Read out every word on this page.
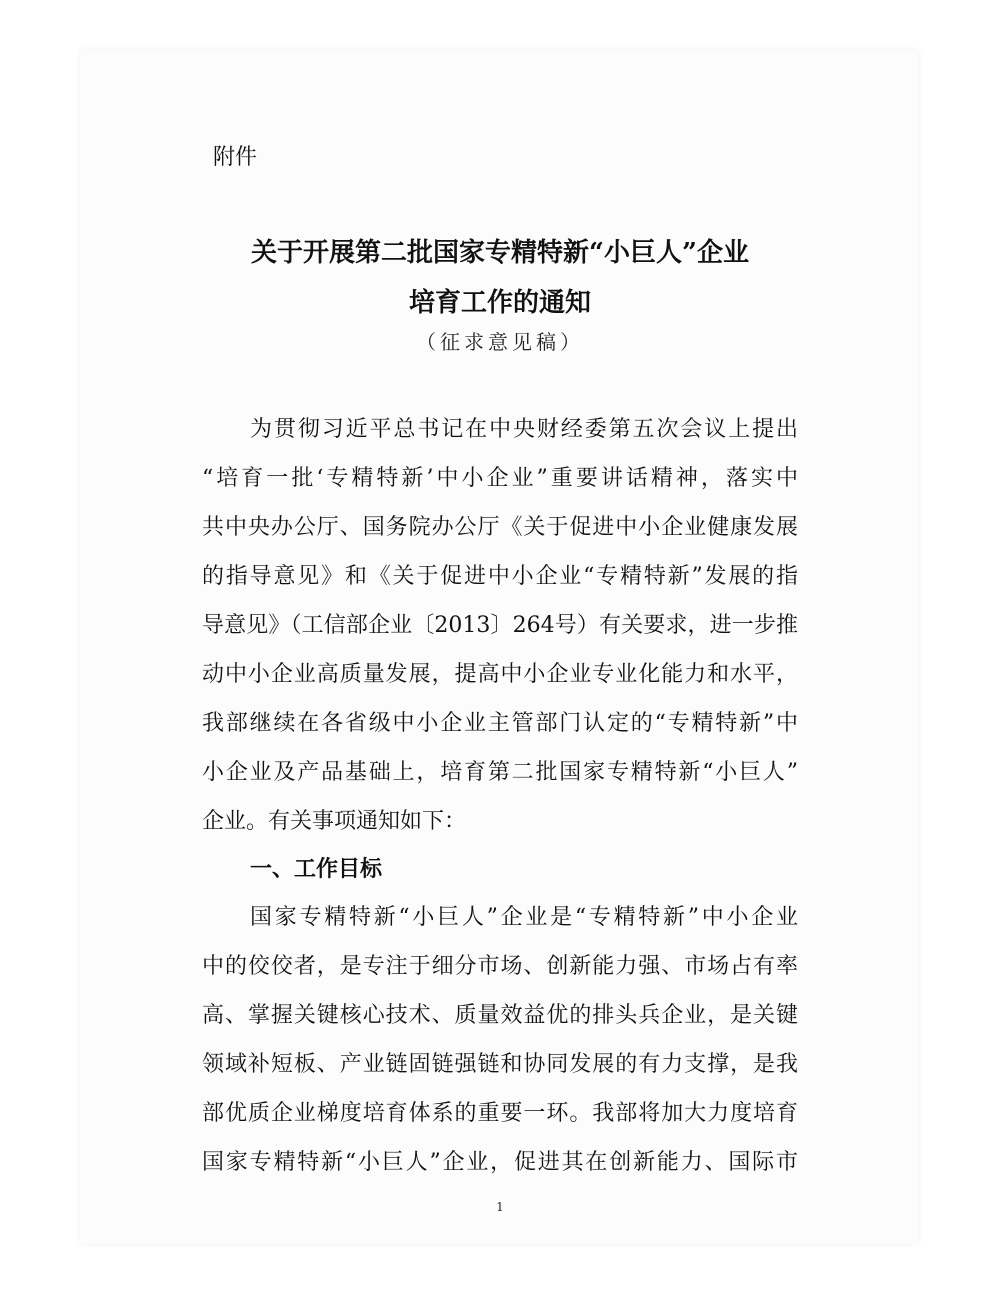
附件
关于开展第二批国家专精特新“小巨人”企业
培育工作的通知
（征求意见稿）
为贯彻习近平总书记在中央财经委第五次会议上提出
“培育一批‘专精特新’中小企业”重要讲话精神，落实中
共中央办公厅、国务院办公厅《关于促进中小企业健康发展
的指导意见》和《关于促进中小企业“专精特新”发展的指
导意见》（工信部企业〔2013〕264号）有关要求，进一步推
动中小企业高质量发展，提高中小企业专业化能力和水平，
我部继续在各省级中小企业主管部门认定的“专精特新”中
小企业及产品基础上，培育第二批国家专精特新“小巨人”
企业。有关事项通知如下：
一、工作目标
国家专精特新“小巨人”企业是“专精特新”中小企业
中的佼佼者，是专注于细分市场、创新能力强、市场占有率
高、掌握关键核心技术、质量效益优的排头兵企业，是关键
领域补短板、产业链固链强链和协同发展的有力支撑，是我
部优质企业梯度培育体系的重要一环。我部将加大力度培育
国家专精特新“小巨人”企业，促进其在创新能力、国际市
1
